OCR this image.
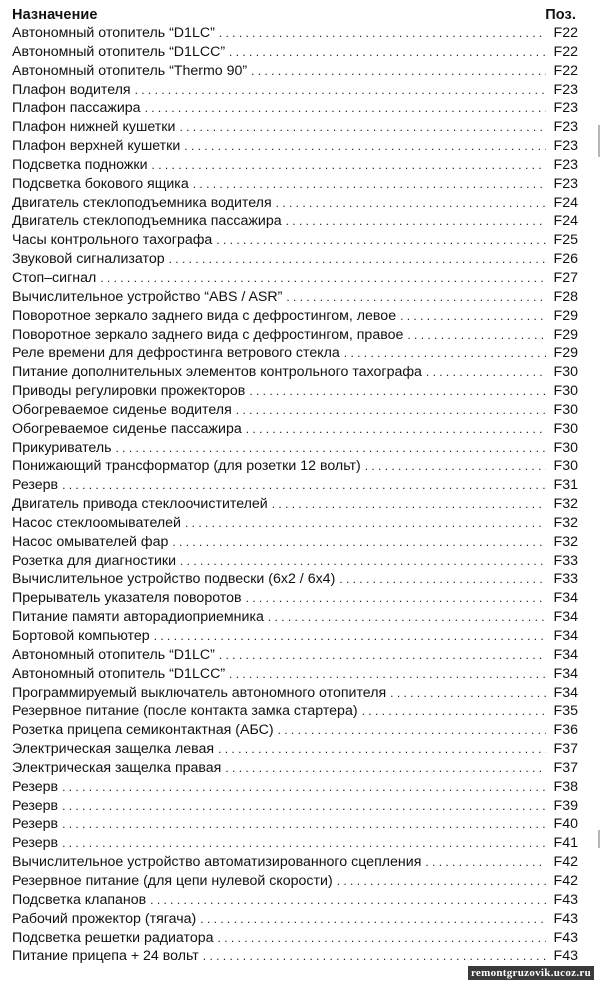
Назначение	Поз.
Автономный отопитель “D1LC” . . .	F22
Автономный отопитель “D1LCC” . . .	F22
Автономный отопитель “Thermo 90” . . .	F22
Плафон водителя . . .	F23
Плафон пассажира . . .	F23
Плафон нижней кушетки . . .	F23
Плафон верхней кушетки . . .	F23
Подсветка подножки . . .	F23
Подсветка бокового ящика . . .	F23
Двигатель стеклоподъемника водителя . . .	F24
Двигатель стеклоподъемника пассажира . . .	F24
Часы контрольного тахографа . . .	F25
Звуковой сигнализатор . . .	F26
Стоп–сигнал . . .	F27
Вычислительное устройство “ABS / ASR” . . .	F28
Поворотное зеркало заднего вида с дефростингом, левое . . .	F29
Поворотное зеркало заднего вида с дефростингом, правое . . .	F29
Реле времени для дефростинга ветрового стекла . . .	F29
Питание дополнительных элементов контрольного тахографа . . .	F30
Приводы регулировки прожекторов . . .	F30
Обогреваемое сиденье водителя . . .	F30
Обогреваемое сиденье пассажира . . .	F30
Прикуриватель . . .	F30
Понижающий трансформатор (для розетки 12 вольт) . . .	F30
Резерв . . .	F31
Двигатель привода стеклоочистителей . . .	F32
Насос стеклоомывателей . . .	F32
Насос омывателей фар . . .	F32
Розетка для диагностики . . .	F33
Вычислительное устройство подвески (6x2 / 6x4) . . .	F33
Прерыватель указателя поворотов . . .	F34
Питание памяти авторадиоприемника . . .	F34
Бортовой компьютер . . .	F34
Автономный отопитель “D1LC” . . .	F34
Автономный отопитель “D1LCC” . . .	F34
Программируемый выключатель автономного отопителя . . .	F34
Резервное питание (после контакта замка стартера) . . .	F35
Розетка прицепа семиконтактная (АБС) . . .	F36
Электрическая защелка левая . . .	F37
Электрическая защелка правая . . .	F37
Резерв . . .	F38
Резерв . . .	F39
Резерв . . .	F40
Резерв . . .	F41
Вычислительное устройство автоматизированного сцепления . . .	F42
Резервное питание (для цепи нулевой скорости) . . .	F42
Подсветка клапанов . . .	F43
Рабочий прожектор (тягача) . . .	F43
Подсветка решетки радиатора . . .	F43
Питание прицепа + 24 вольт . . .	F43
remontgruzovik.ucoz.ru
